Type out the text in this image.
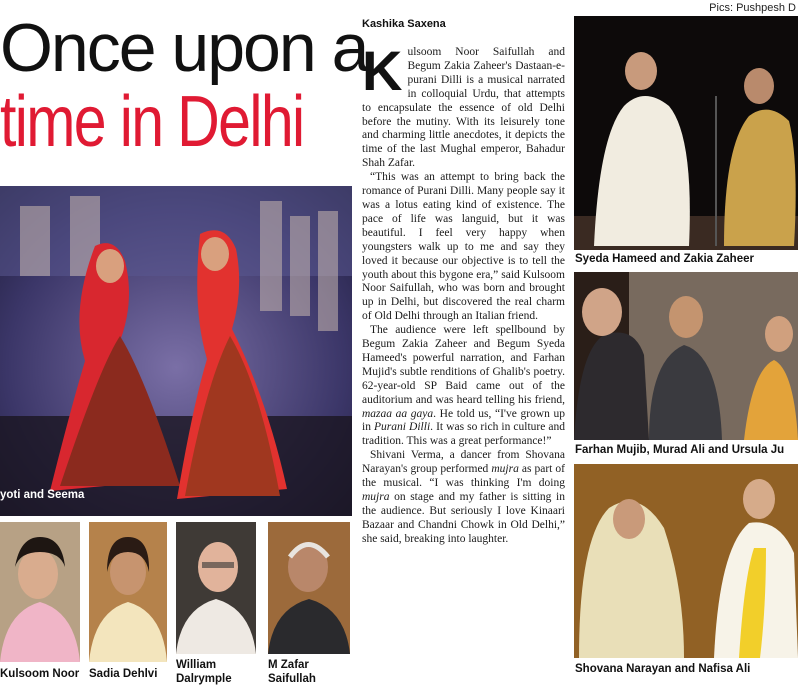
Pics: Pushpesh D
Once upon a
time in Delhi
yoti and Seema
Kashika Saxena

Kulsoom Noor Saifullah and Begum Zakia Zaheer's Dastaan-e-purani Dilli is a musical narrated in colloquial Urdu, that attempts to encapsulate the essence of old Delhi before the mutiny. With its leisurely tone and charming little anecdotes, it depicts the time of the last Mughal emperor, Bahadur Shah Zafar.

“This was an attempt to bring back the romance of Purani Dilli. Many people say it was a lotus eating kind of existence. The pace of life was languid, but it was beautiful. I feel very happy when youngsters walk up to me and say they loved it because our objective is to tell the youth about this bygone era,” said Kulsoom Noor Saifullah, who was born and brought up in Delhi, but discovered the real charm of Old Delhi through an Italian friend.

The audience were left spellbound by Begum Zakia Zaheer and Begum Syeda Hameed's powerful narration, and Farhan Mujid's subtle renditions of Ghalib's poetry. 62-year-old SP Baid came out of the auditorium and was heard telling his friend, mazaa aa gaya. He told us, “I've grown up in Purani Dilli. It was so rich in culture and tradition. This was a great performance!”

Shivani Verma, a dancer from Shovana Narayan's group performed mujra as part of the musical. “I was thinking I'm doing mujra on stage and my father is sitting in the audience. But seriously I love Kinaari Bazaar and Chandni Chowk in Old Delhi,” she said, breaking into laughter.

Syeda Hameed and Zakia Zaheer
Farhan Mujib, Murad Ali and Ursula Ju
Shovana Narayan and Nafisa Ali
Kulsoom Noor Sadia Dehlvi
William
Dalrymple
M Zafar
Saifullah
